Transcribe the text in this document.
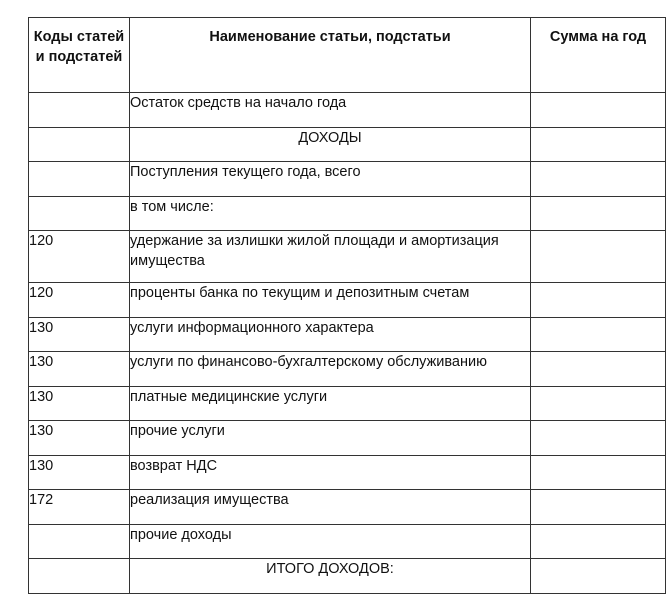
Коды статей и подстатей	Наименование статьи, подстатьи	Сумма на год
	Остаток средств на начало года	
	ДОХОДЫ	
	Поступления текущего года, всего	
	в том числе:	
120	удержание за излишки жилой площади и амортизация имущества	
120	проценты банка по текущим и депозитным счетам	
130	услуги информационного характера	
130	услуги по финансово-бухгалтерскому обслуживанию	
130	платные медицинские услуги	
130	прочие услуги	
130	возврат НДС	
172	реализация имущества	
	прочие доходы	
	ИТОГО ДОХОДОВ:	
